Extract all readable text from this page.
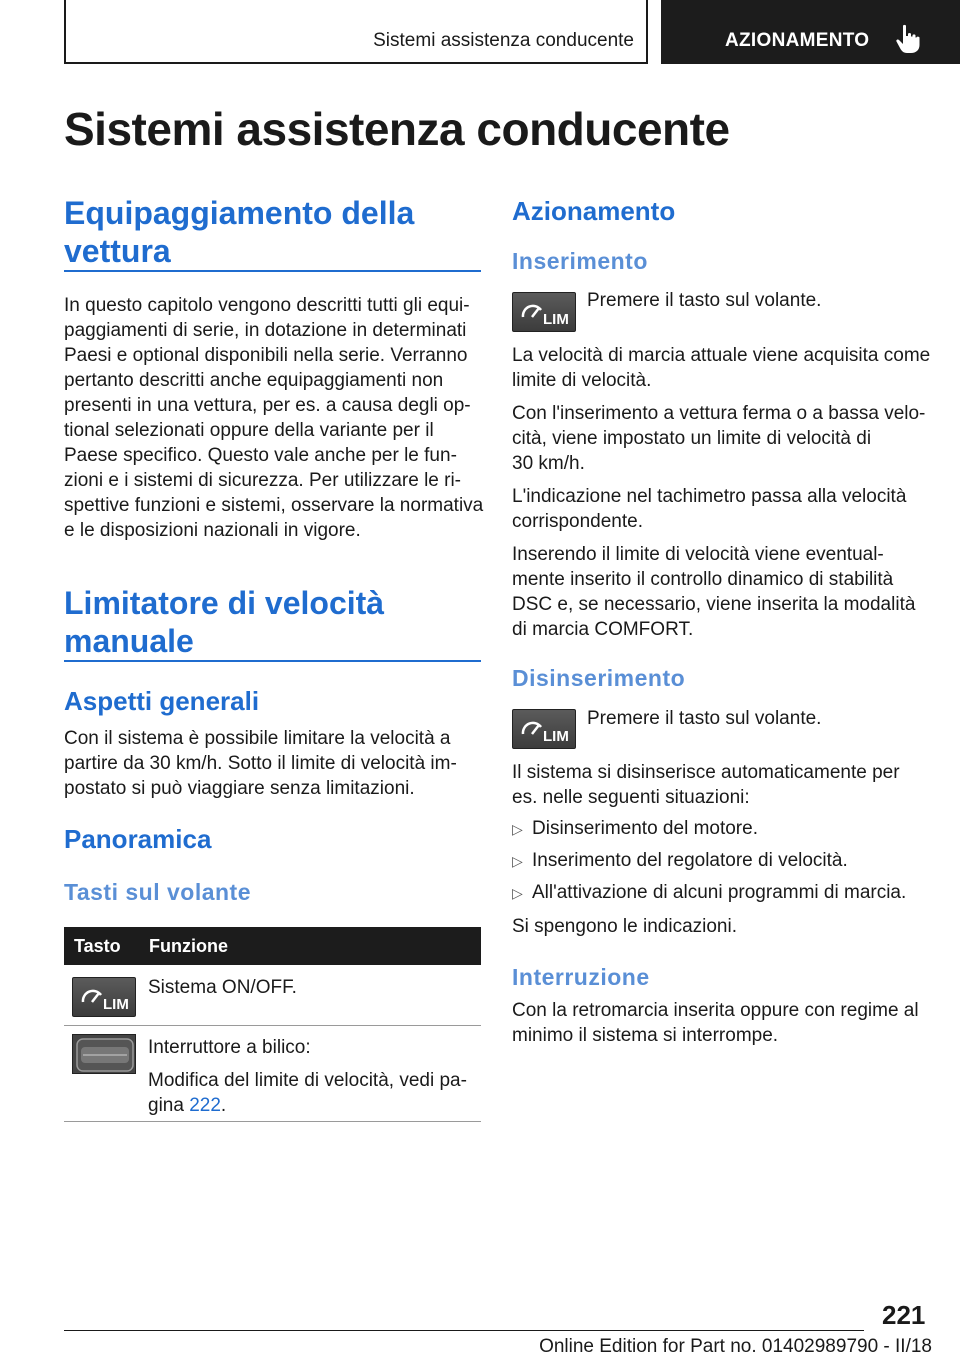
Sistemi assistenza conducente	AZIONAMENTO
Sistemi assistenza conducente
Equipaggiamento della
vettura
In questo capitolo vengono descritti tutti gli equi-
paggiamenti di serie, in dotazione in determinati
Paesi e optional disponibili nella serie. Verranno
pertanto descritti anche equipaggiamenti non
presenti in una vettura, per es. a causa degli op-
tional selezionati oppure della variante per il
Paese specifico. Questo vale anche per le fun-
zioni e i sistemi di sicurezza. Per utilizzare le ri-
spettive funzioni e sistemi, osservare la normativa
e le disposizioni nazionali in vigore.
Limitatore di velocità
manuale
Aspetti generali
Con il sistema è possibile limitare la velocità a
partire da 30 km/h. Sotto il limite di velocità im-
postato si può viaggiare senza limitazioni.
Panoramica
Tasti sul volante
Tasto Funzione
LIM
Sistema ON/OFF.
Interruttore a bilico:
Modifica del limite di velocità, vedi pa-
gina 222.
Azionamento
Inserimento
LIM
Premere il tasto sul volante.
La velocità di marcia attuale viene acquisita come
limite di velocità.
Con l'inserimento a vettura ferma o a bassa velo-
cità, viene impostato un limite di velocità di
30 km/h.
L'indicazione nel tachimetro passa alla velocità
corrispondente.
Inserendo il limite di velocità viene eventual-
mente inserito il controllo dinamico di stabilità
DSC e, se necessario, viene inserita la modalità
di marcia COMFORT.
Disinserimento
LIM
Premere il tasto sul volante.
Il sistema si disinserisce automaticamente per
es. nelle seguenti situazioni:
▷ Disinserimento del motore.
▷ Inserimento del regolatore di velocità.
▷ All'attivazione di alcuni programmi di marcia.
Si spengono le indicazioni.
Interruzione
Con la retromarcia inserita oppure con regime al
minimo il sistema si interrompe.
221
Online Edition for Part no. 01402989790 - II/18
